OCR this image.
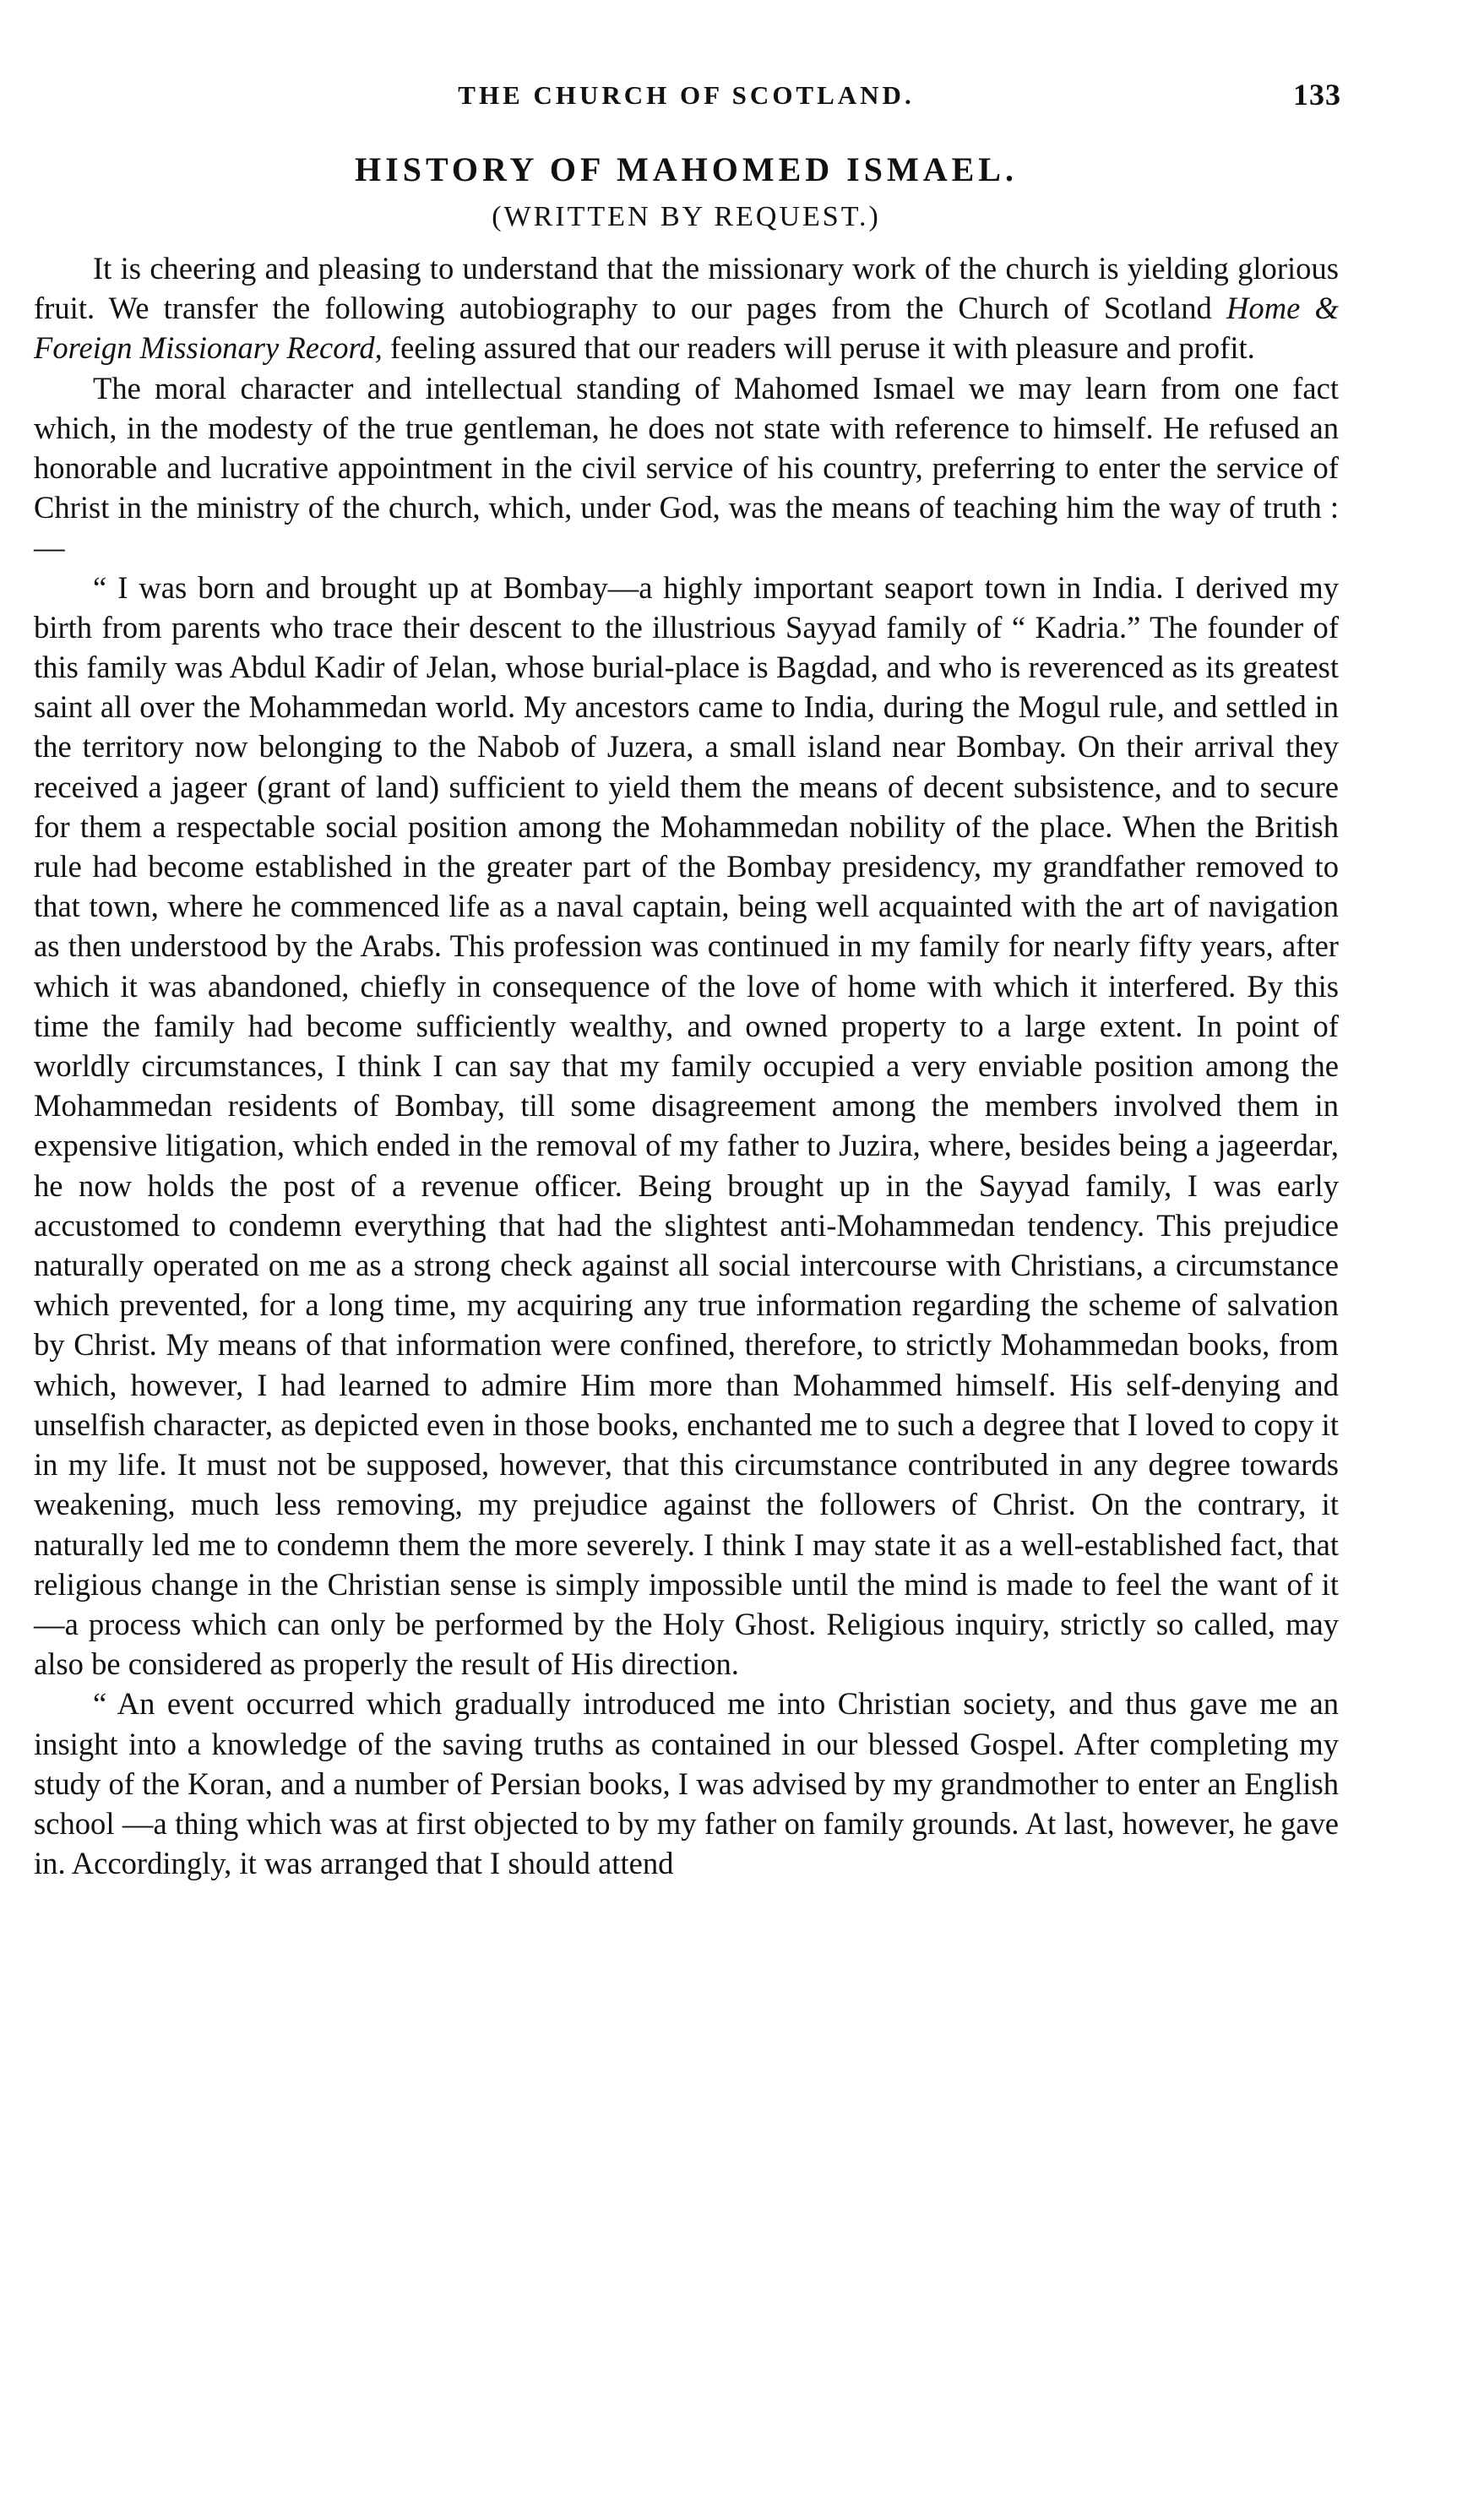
THE CHURCH OF SCOTLAND.	133
HISTORY OF MAHOMED ISMAEL.
(WRITTEN BY REQUEST.)

It is cheering and pleasing to understand that the missionary work of the church is yielding glorious fruit. We transfer the following autobiography to our pages from the Church of Scotland Home & Foreign Missionary Record, feeling assured that our readers will peruse it with pleasure and profit.

The moral character and intellectual standing of Mahomed Ismael we may learn from one fact which, in the modesty of the true gentleman, he does not state with reference to himself. He refused an honorable and lucrative appointment in the civil service of his country, preferring to enter the service of Christ in the ministry of the church, which, under God, was the means of teaching him the way of truth :—

“ I was born and brought up at Bombay—a highly important seaport town in India. I derived my birth from parents who trace their descent to the illustrious Sayyad family of “ Kadria.” The founder of this family was Abdul Kadir of Jelan, whose burial-place is Bagdad, and who is reverenced as its greatest saint all over the Mohammedan world. My ancestors came to India, during the Mogul rule, and settled in the territory now belonging to the Nabob of Juzera, a small island near Bombay. On their arrival they received a jageer (grant of land) sufficient to yield them the means of decent subsistence, and to secure for them a respectable social position among the Mohammedan nobility of the place. When the British rule had become established in the greater part of the Bombay presidency, my grandfather removed to that town, where he commenced life as a naval captain, being well acquainted with the art of navigation as then understood by the Arabs. This profession was continued in my family for nearly fifty years, after which it was abandoned, chiefly in consequence of the love of home with which it interfered. By this time the family had become sufficiently wealthy, and owned property to a large extent. In point of worldly circumstances, I think I can say that my family occupied a very enviable position among the Mohammedan residents of Bombay, till some disagreement among the members involved them in expensive litigation, which ended in the removal of my father to Juzira, where, besides being a jageerdar, he now holds the post of a revenue officer. Being brought up in the Sayyad family, I was early accustomed to condemn everything that had the slightest anti-Mohammedan tendency. This prejudice naturally operated on me as a strong check against all social intercourse with Christians, a circumstance which prevented, for a long time, my acquiring any true information regarding the scheme of salvation by Christ. My means of that information were confined, therefore, to strictly Mohammedan books, from which, however, I had learned to admire Him more than Mohammed himself. His self-denying and unselfish character, as depicted even in those books, enchanted me to such a degree that I loved to copy it in my life. It must not be supposed, however, that this circumstance contributed in any degree towards weakening, much less removing, my prejudice against the followers of Christ. On the contrary, it naturally led me to condemn them the more severely. I think I may state it as a well-established fact, that religious change in the Christian sense is simply impossible until the mind is made to feel the want of it—a process which can only be performed by the Holy Ghost. Religious inquiry, strictly so called, may also be considered as properly the result of His direction.

“ An event occurred which gradually introduced me into Christian society, and thus gave me an insight into a knowledge of the saving truths as contained in our blessed Gospel. After completing my study of the Koran, and a number of Persian books, I was advised by my grandmother to enter an English school —a thing which was at first objected to by my father on family grounds. At last, however, he gave in. Accordingly, it was arranged that I should attend
